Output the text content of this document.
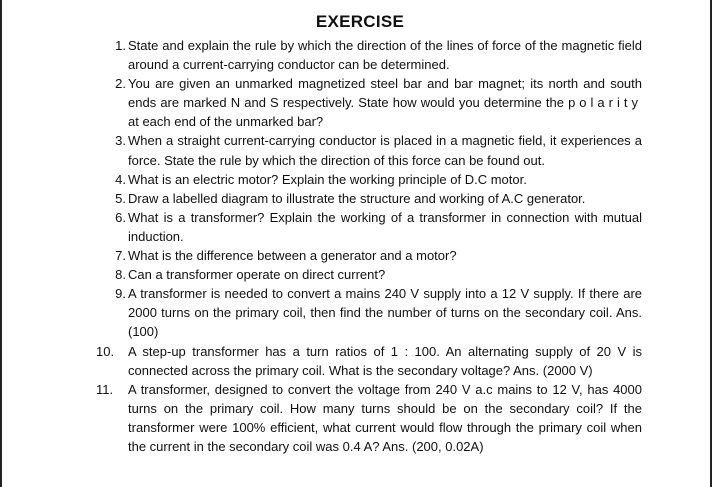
EXERCISE
1. State and explain the rule by which the direction of the lines of force of the magnetic field around a current-carrying conductor can be determined.
2. You are given an unmarked magnetized steel bar and bar magnet; its north and south ends are marked N and S respectively. State how would you determine the polarity at each end of the unmarked bar?
3. When a straight current-carrying conductor is placed in a magnetic field, it experiences a force. State the rule by which the direction of this force can be found out.
4. What is an electric motor? Explain the working principle of D.C motor.
5. Draw a labelled diagram to illustrate the structure and working of A.C generator.
6. What is a transformer? Explain the working of a transformer in connection with mutual induction.
7. What is the difference between a generator and a motor?
8. Can a transformer operate on direct current?
9. A transformer is needed to convert a mains 240 V supply into a 12 V supply. If there are 2000 turns on the primary coil, then find the number of turns on the secondary coil. Ans. (100)
10.	A step-up transformer has a turn ratios of 1 : 100. An alternating supply of 20 V is connected across the primary coil. What is the secondary voltage? Ans. (2000 V)
11.	A transformer, designed to convert the voltage from 240 V a.c mains to 12 V, has 4000 turns on the primary coil. How many turns should be on the secondary coil? If the transformer were 100% efficient, what current would flow through the primary coil when the current in the secondary coil was 0.4 A? Ans. (200, 0.02A)
